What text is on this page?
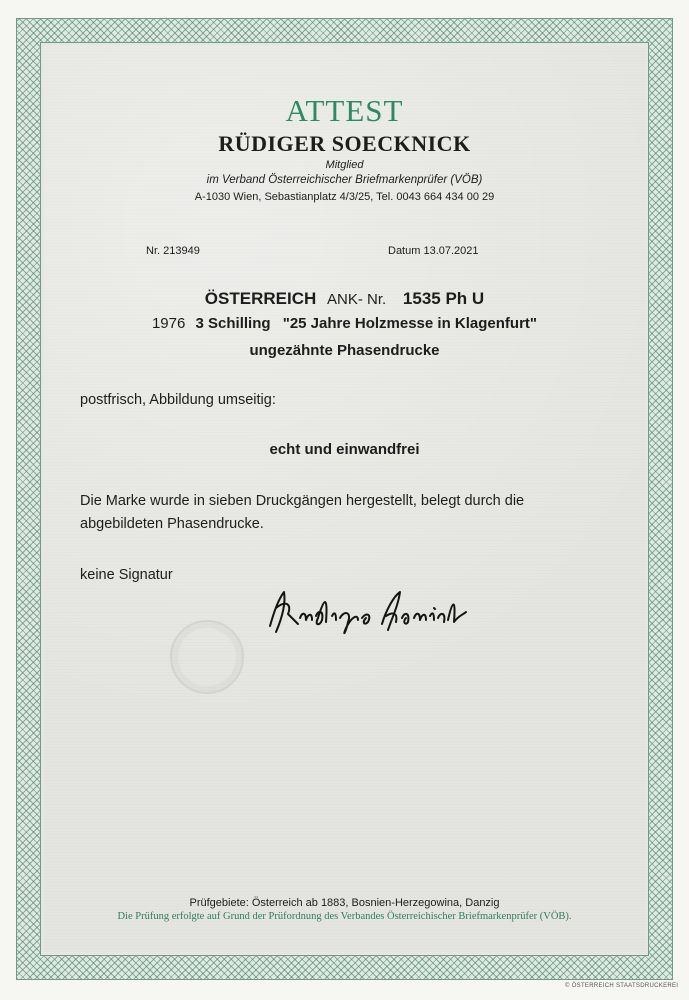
ATTEST
RÜDIGER SOECKNICK
Mitglied
im Verband Österreichischer Briefmarkenprüfer (VÖB)
A-1030 Wien, Sebastianplatz 4/3/25, Tel. 0043 664 434 00 29
Nr. 213949	Datum 13.07.2021
ÖSTERREICH ANK- Nr. 1535 Ph U
1976 3 Schilling "25 Jahre Holzmesse in Klagenfurt"
ungezähnte Phasendrucke
postfrisch, Abbildung umseitig:
echt und einwandfrei
Die Marke wurde in sieben Druckgängen hergestellt, belegt durch die
abgebildeten Phasendrucke.
keine Signatur
Rüdiger Soecknick
Prüfgebiete: Österreich ab 1883, Bosnien-Herzegowina, Danzig
Die Prüfung erfolgte auf Grund der Prüfordnung des Verbandes Österreichischer Briefmarkenprüfer (VÖB).
© ÖSTERREICH STAATSDRUCKEREI
